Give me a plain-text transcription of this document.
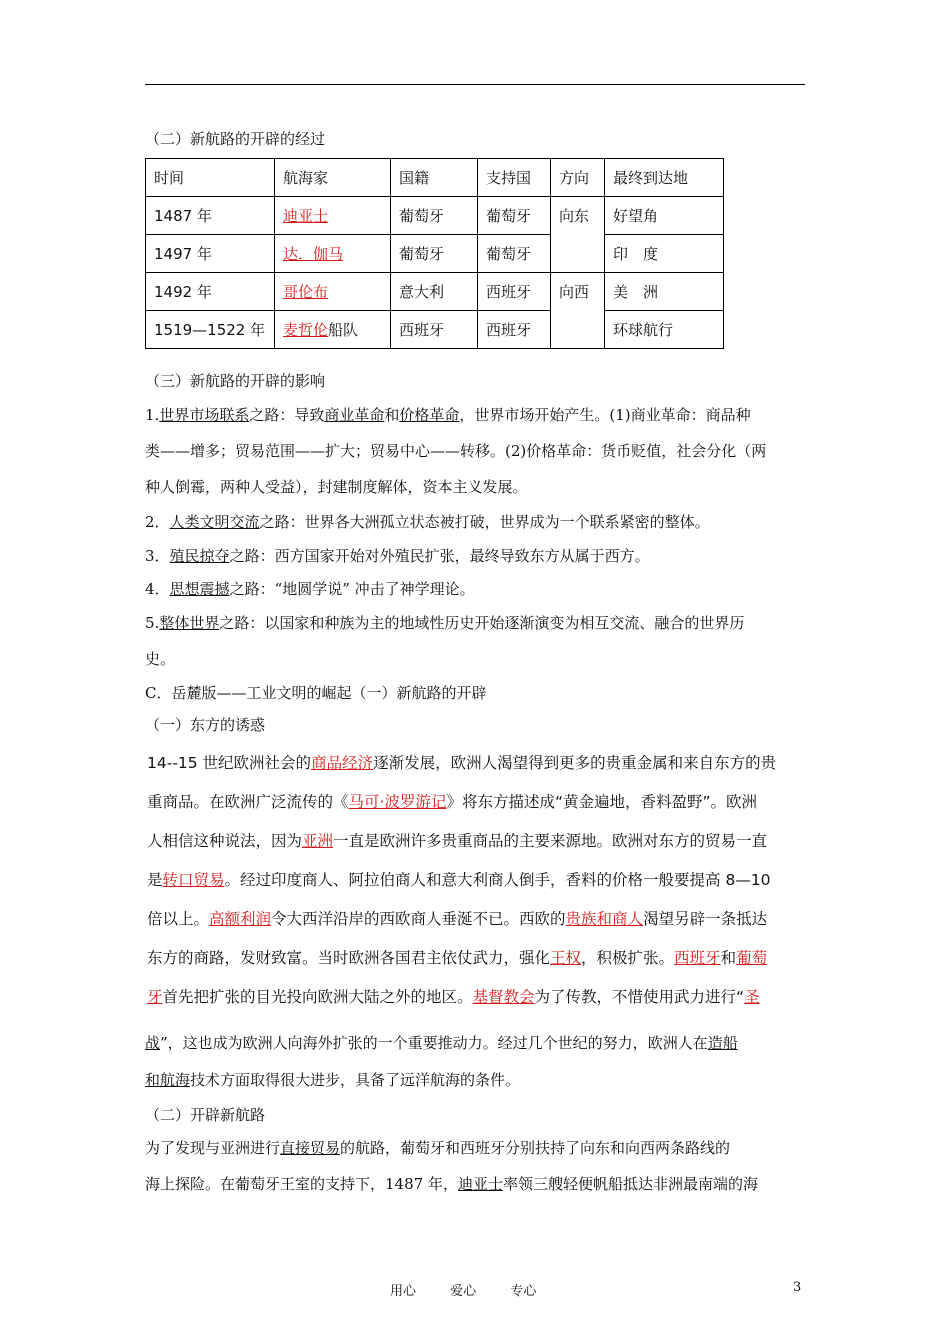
（二）新航路的开辟的经过
时间	航海家	国籍	支持国	方向	最终到达地
1487 年	迪亚士	葡萄牙	葡萄牙	向东	好望角
1497 年	达．伽马	葡萄牙	葡萄牙		印　度
1492 年	哥伦布	意大利	西班牙	向西	美　洲
1519—1522 年	麦哲伦船队	西班牙	西班牙		环球航行
（三）新航路的开辟的影响
1.世界市场联系之路：导致商业革命和价格革命，世界市场开始产生。(1)商业革命：商品种
类——增多；贸易范围——扩大；贸易中心——转移。(2)价格革命：货币贬值，社会分化（两
种人倒霉，两种人受益），封建制度解体，资本主义发展。
2．人类文明交流之路：世界各大洲孤立状态被打破，世界成为一个联系紧密的整体。
3．殖民掠夺之路：西方国家开始对外殖民扩张，最终导致东方从属于西方。
4．思想震撼之路：“地圆学说” 冲击了神学理论。
5.整体世界之路：以国家和种族为主的地域性历史开始逐渐演变为相互交流、融合的世界历
史。
C．岳麓版——工业文明的崛起（一）新航路的开辟
（一）东方的诱惑
14--15 世纪欧洲社会的商品经济逐渐发展，欧洲人渴望得到更多的贵重金属和来自东方的贵
重商品。在欧洲广泛流传的《马可·波罗游记》将东方描述成“黄金遍地，香料盈野”。欧洲
人相信这种说法，因为亚洲一直是欧洲许多贵重商品的主要来源地。欧洲对东方的贸易一直
是转口贸易。经过印度商人、阿拉伯商人和意大利商人倒手，香料的价格一般要提高 8—10
倍以上。高额利润令大西洋沿岸的西欧商人垂涎不已。西欧的贵族和商人渴望另辟一条抵达
东方的商路，发财致富。当时欧洲各国君主依仗武力，强化王权，积极扩张。西班牙和葡萄
牙首先把扩张的目光投向欧洲大陆之外的地区。基督教会为了传教，不惜使用武力进行“圣
战”，这也成为欧洲人向海外扩张的一个重要推动力。经过几个世纪的努力，欧洲人在造船
和航海技术方面取得很大进步，具备了远洋航海的条件。
（二）开辟新航路
为了发现与亚洲进行直接贸易的航路，葡萄牙和西班牙分别扶持了向东和向西两条路线的
海上探险。在葡萄牙王室的支持下，1487 年，迪亚士率领三艘轻便帆船抵达非洲最南端的海
用心	爱心	专心	3
